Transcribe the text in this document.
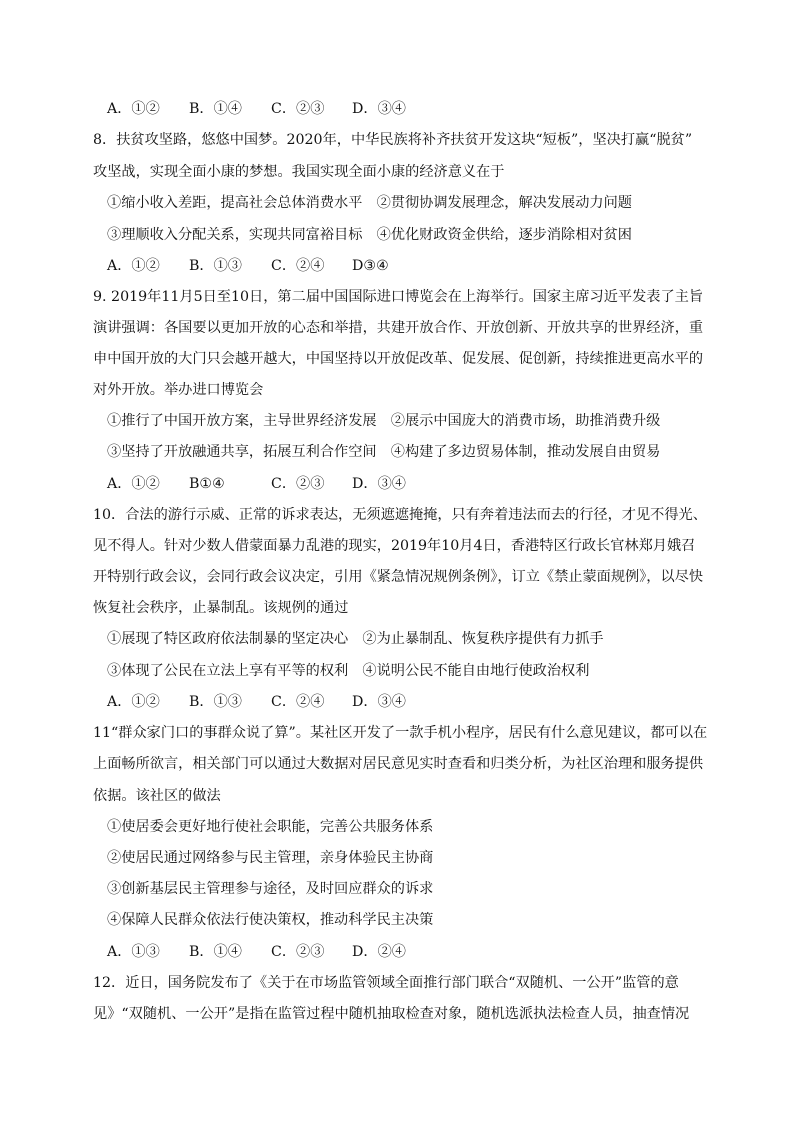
A．①② B．①④ C．②③ D．③④
8．扶贫攻坚路，悠悠中国梦。2020年，中华民族将补齐扶贫开发这块“短板”，坚决打赢“脱贫”
攻坚战，实现全面小康的梦想。我国实现全面小康的经济意义在于
①缩小收入差距，提高社会总体消费水平　②贯彻协调发展理念，解决发展动力问题
③理顺收入分配关系，实现共同富裕目标　④优化财政资金供给，逐步消除相对贫困
A．①② B．①③ C．②④ D③④
9. 2019年11月5日至10日，第二届中国国际进口博览会在上海举行。国家主席习近平发表了主旨
演讲强调：各国要以更加开放的心态和举措，共建开放合作、开放创新、开放共享的世界经济，重
申中国开放的大门只会越开越大，中国坚持以开放促改革、促发展、促创新，持续推进更高水平的
对外开放。举办进口博览会
①推行了中国开放方案，主导世界经济发展　②展示中国庞大的消费市场，助推消费升级
③坚持了开放融通共享，拓展互利合作空间　④构建了多边贸易体制，推动发展自由贸易
A．①② B①④	C．②③ D．③④
10．合法的游行示威、正常的诉求表达，无须遮遮掩掩，只有奔着违法而去的行径，才见不得光、
见不得人。针对少数人借蒙面暴力乱港的现实，2019年10月4日，香港特区行政长官林郑月娥召
开特别行政会议，会同行政会议决定，引用《紧急情况规例条例》，订立《禁止蒙面规例》，以尽快
恢复社会秩序，止暴制乱。该规例的通过
①展现了特区政府依法制暴的坚定决心　②为止暴制乱、恢复秩序提供有力抓手
③体现了公民在立法上享有平等的权利　④说明公民不能自由地行使政治权利
A．①② B．①③ C．②④ D．③④
11“群众家门口的事群众说了算”。某社区开发了一款手机小程序，居民有什么意见建议，都可以在
上面畅所欲言，相关部门可以通过大数据对居民意见实时查看和归类分析，为社区治理和服务提供
依据。该社区的做法
①使居委会更好地行使社会职能，完善公共服务体系
②使居民通过网络参与民主管理，亲身体验民主协商
③创新基层民主管理参与途径，及时回应群众的诉求
④保障人民群众依法行使决策权，推动科学民主决策
A．①③ B．①④ C．②③ D．②④
12．近日，国务院发布了《关于在市场监管领域全面推行部门联合“双随机、一公开”监管的意
见》“双随机、一公开”是指在监管过程中随机抽取检查对象，随机选派执法检查人员，抽查情况
